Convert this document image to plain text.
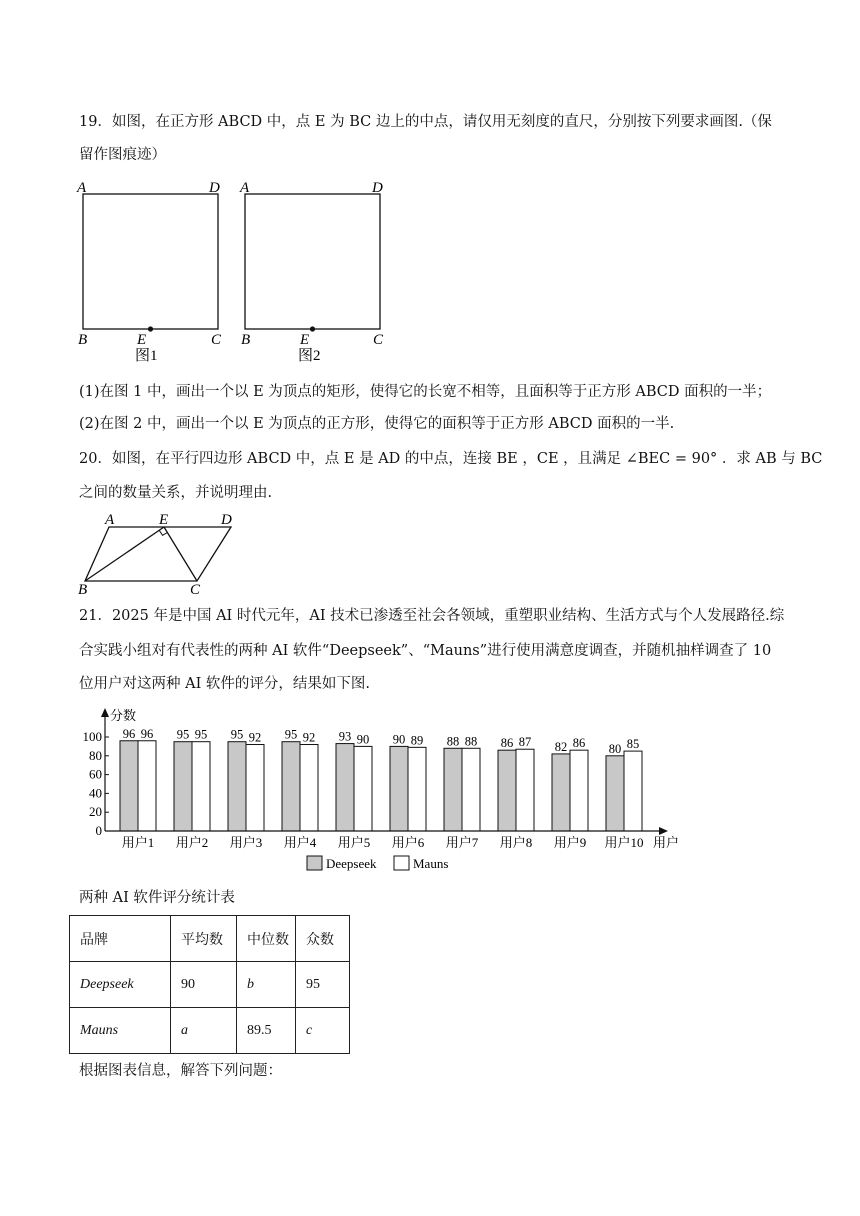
19．如图，在正方形 ABCD 中，点 E 为 BC 边上的中点，请仅用无刻度的直尺，分别按下列要求画图.（保
留作图痕迹）
A	D
B	E	C
图1
A	D
B	E	C
图2
(1)在图 1 中，画出一个以 E 为顶点的矩形，使得它的长宽不相等，且面积等于正方形 ABCD 面积的一半；
(2)在图 2 中，画出一个以 E 为顶点的正方形，使得它的面积等于正方形 ABCD 面积的一半.
20．如图，在平行四边形 ABCD 中，点 E 是 AD 的中点，连接 BE ，CE ，且满足 ∠BEC = 90° ．求 AB 与 BC
之间的数量关系，并说明理由.
A	E	D
B	C
21．2025 年是中国 AI 时代元年，AI 技术已渗透至社会各领域，重塑职业结构、生活方式与个人发展路径.综
合实践小组对有代表性的两种 AI 软件“Deepseek”、“Mauns”进行使用满意度调查，并随机抽样调查了 10
位用户对这两种 AI 软件的评分，结果如下图.
0
20
40
60
80
100 96 96
用户1
95 95
用户2
95 92
用户3
95 92
用户4
93 90
用户5
90 89
用户6
88 88
用户7
86 87
用户8
82 86
用户9
80 85
用户10
分数
用户
Deepseek	Mauns
两种 AI 软件评分统计表
品牌	平均数	中位数	众数
Deepseek	90	b	95
Mauns	a	89.5	c
根据图表信息，解答下列问题：
